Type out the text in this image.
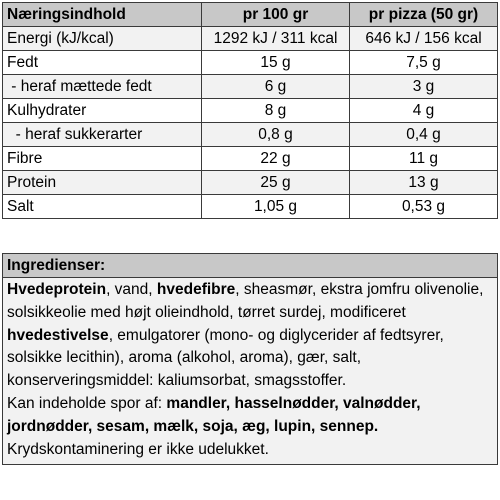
Næringsindhold	pr 100 gr	pr pizza (50 gr)
Energi (kJ/kcal)	1292 kJ / 311 kcal	646 kJ / 156 kcal
Fedt	15 g	7,5 g
- heraf mættede fedt	6 g	3 g
Kulhydrater	8 g	4 g
- heraf sukkerarter	0,8 g	0,4 g
Fibre	22 g	11 g
Protein	25 g	13 g
Salt	1,05 g	0,53 g
Ingredienser:
Hvedeprotein, vand, hvedefibre, sheasmør, ekstra jomfru olivenolie, solsikkeolie med højt olieindhold, tørret surdej, modificeret hvedestivelse, emulgatorer (mono- og diglycerider af fedtsyrer, solsikke lecithin), aroma (alkohol, aroma), gær, salt, konserveringsmiddel: kaliumsorbat, smagsstoffer.
Kan indeholde spor af: mandler, hasselnødder, valnødder, jordnødder, sesam, mælk, soja, æg, lupin, sennep.
Krydskontaminering er ikke udelukket.
